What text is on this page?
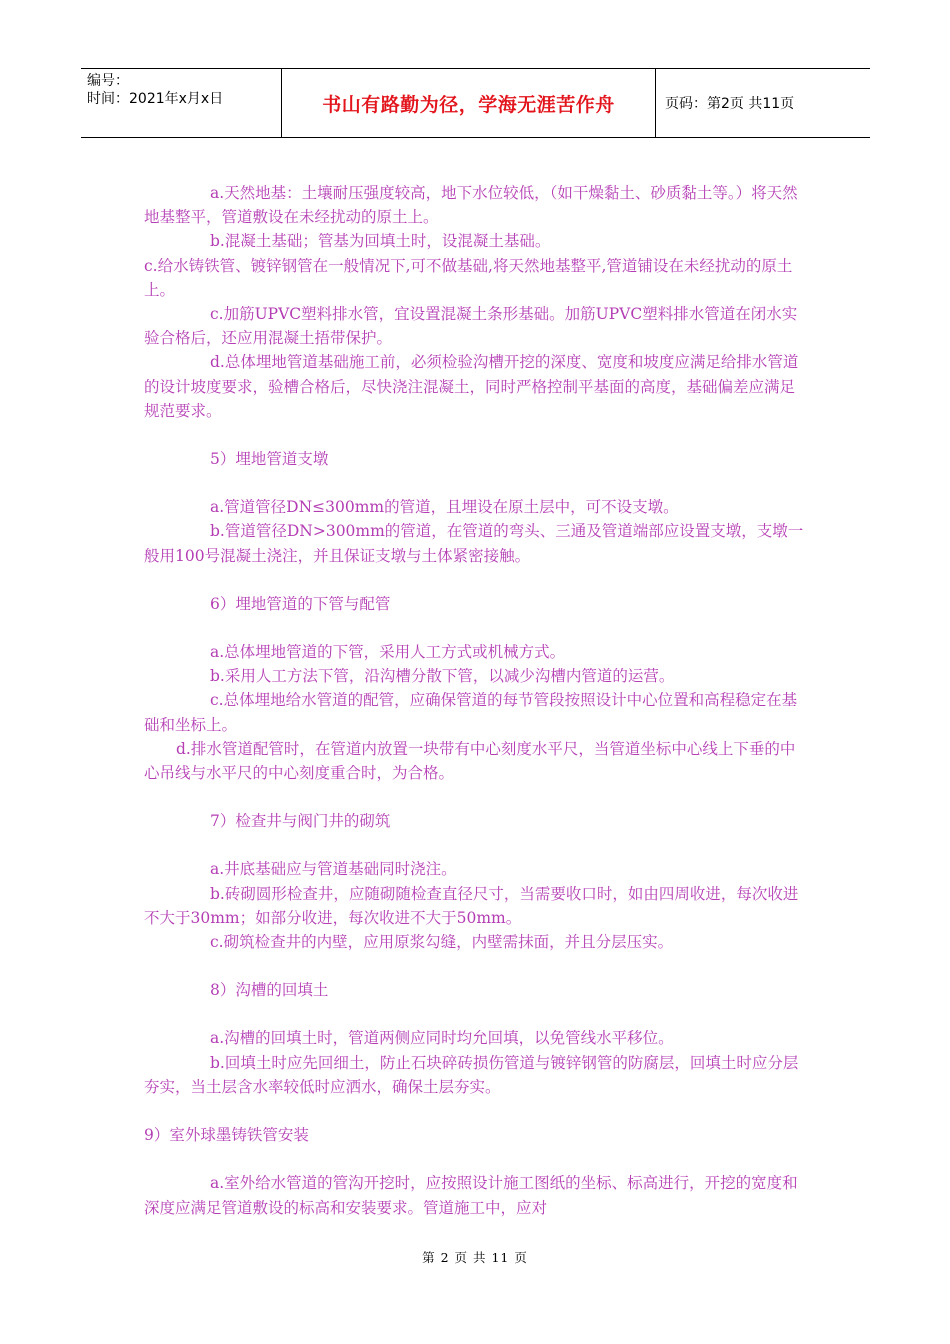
编号：
时间：2021年x月x日	书山有路勤为径，学海无涯苦作舟	页码：第2页 共11页

a.天然地基：土壤耐压强度较高，地下水位较低，（如干燥黏土、砂质黏土等。）将天然地基整平，管道敷设在未经扰动的原土上。

b.混凝土基础；管基为回填土时，设混凝土基础。

c.给水铸铁管、镀锌钢管在一般情况下,可不做基础,将天然地基整平,管道铺设在未经扰动的原土上。

c.加筋UPVC塑料排水管，宜设置混凝土条形基础。加筋UPVC塑料排水管道在闭水实验合格后，还应用混凝土捂带保护。

d.总体埋地管道基础施工前，必须检验沟槽开挖的深度、宽度和坡度应满足给排水管道的设计坡度要求，验槽合格后，尽快浇注混凝土，同时严格控制平基面的高度，基础偏差应满足规范要求。

5）埋地管道支墩

a.管道管径DN≤300mm的管道，且埋设在原土层中，可不设支墩。

b.管道管径DN>300mm的管道，在管道的弯头、三通及管道端部应设置支墩，支墩一般用100号混凝土浇注，并且保证支墩与土体紧密接触。

6）埋地管道的下管与配管

a.总体埋地管道的下管，采用人工方式或机械方式。

b.采用人工方法下管，沿沟槽分散下管，以减少沟槽内管道的运营。

c.总体埋地给水管道的配管，应确保管道的每节管段按照设计中心位置和高程稳定在基础和坐标上。

d.排水管道配管时，在管道内放置一块带有中心刻度水平尺，当管道坐标中心线上下垂的中心吊线与水平尺的中心刻度重合时，为合格。

7）检查井与阀门井的砌筑

a.井底基础应与管道基础同时浇注。

b.砖砌圆形检查井，应随砌随检查直径尺寸，当需要收口时，如由四周收进，每次收进不大于30mm；如部分收进，每次收进不大于50mm。

c.砌筑检查井的内壁，应用原浆勾缝，内壁需抹面，并且分层压实。

8）沟槽的回填土

a.沟槽的回填土时，管道两侧应同时均允回填，以免管线水平移位。

b.回填土时应先回细土，防止石块碎砖损伤管道与镀锌钢管的防腐层，回填土时应分层夯实，当土层含水率较低时应洒水，确保土层夯实。

9）室外球墨铸铁管安装

a.室外给水管道的管沟开挖时，应按照设计施工图纸的坐标、标高进行，开挖的宽度和深度应满足管道敷设的标高和安装要求。管道施工中，应对

第 2 页 共 11 页
